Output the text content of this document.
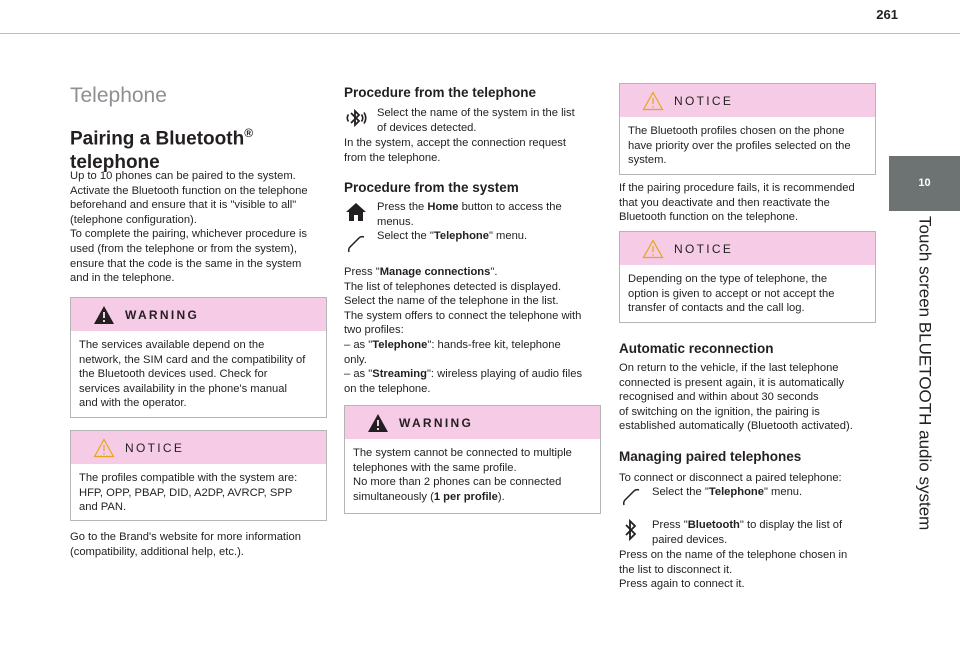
261
10
Touch screen BLUETOOTH audio system
Telephone
Pairing a Bluetooth®
telephone

Up to 10 phones can be paired to the system.

Activate the Bluetooth function on the telephone

beforehand and ensure that it is "visible to all"

(telephone configuration).

To complete the pairing, whichever procedure is

used (from the telephone or from the system),

ensure that the code is the same in the system

and in the telephone.

WARNING

The services available depend on the

network, the SIM card and the compatibility of

the Bluetooth devices used. Check for

services availability in the phone's manual

and with the operator.

NOTICE

The profiles compatible with the system are:

HFP, OPP, PBAP, DID, A2DP, AVRCP, SPP

and PAN.

Go to the Brand's website for more information

(compatibility, additional help, etc.).

Procedure from the telephone
Select the name of the system in the list
of devices detected.

In the system, accept the connection request

from the telephone.

Procedure from the system
Press the Home button to access the
menus.
Select the "Telephone" menu.

Press "Manage connections".

The list of telephones detected is displayed.

Select the name of the telephone in the list.

The system offers to connect the telephone with

two profiles:

– as "Telephone": hands-free kit, telephone

only.

– as "Streaming": wireless playing of audio files

on the telephone.

WARNING

The system cannot be connected to multiple

telephones with the same profile.

No more than 2 phones can be connected

simultaneously (1 per profile).

NOTICE

The Bluetooth profiles chosen on the phone

have priority over the profiles selected on the

system.

If the pairing procedure fails, it is recommended

that you deactivate and then reactivate the

Bluetooth function on the telephone.

NOTICE

Depending on the type of telephone, the

option is given to accept or not accept the

transfer of contacts and the call log.

Automatic reconnection

On return to the vehicle, if the last telephone

connected is present again, it is automatically

recognised and within about 30 seconds

of switching on the ignition, the pairing is

established automatically (Bluetooth activated).

Managing paired telephones

To connect or disconnect a paired telephone:

Select the "Telephone" menu.
Press "Bluetooth" to display the list of
paired devices.

Press on the name of the telephone chosen in

the list to disconnect it.

Press again to connect it.
